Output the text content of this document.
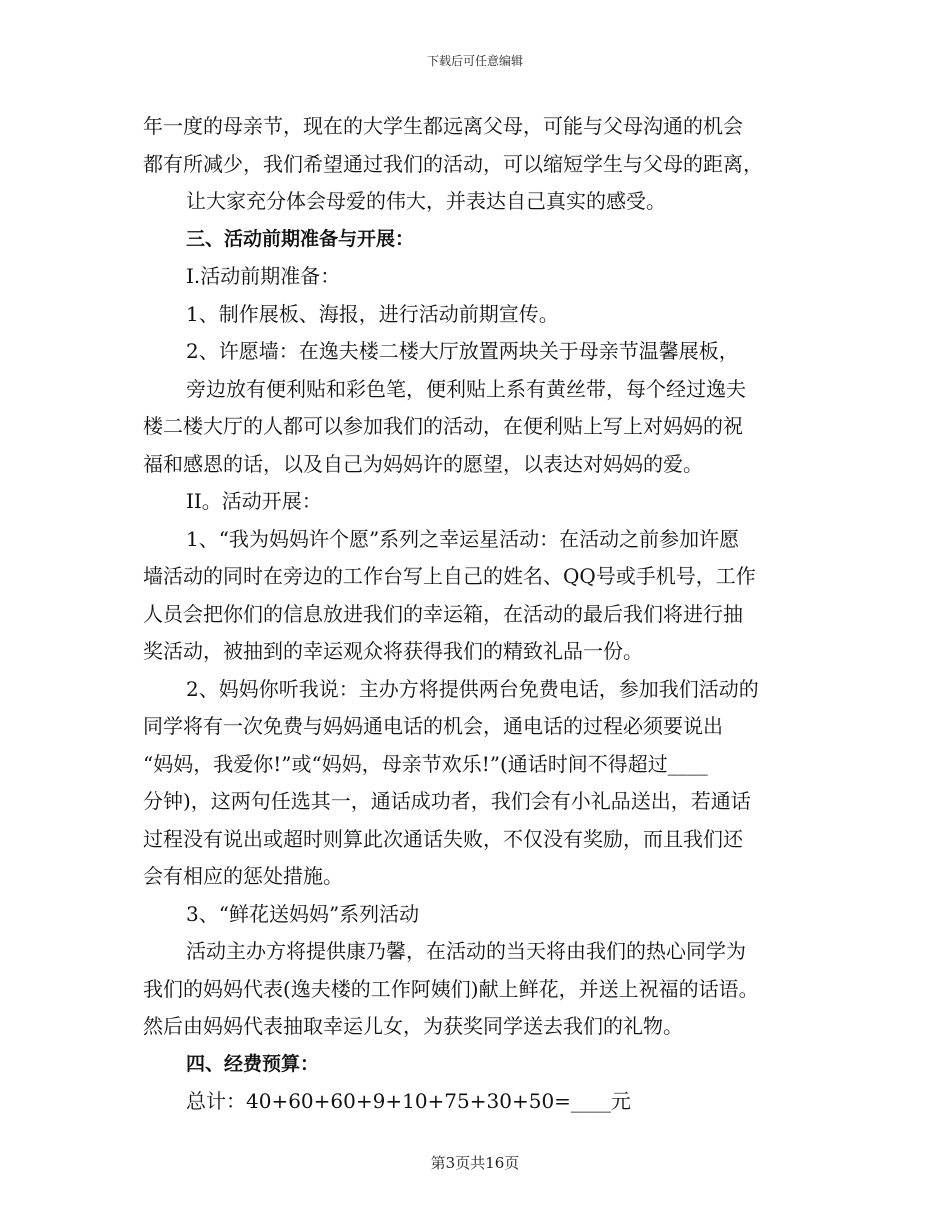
下载后可任意编辑
年一度的母亲节，现在的大学生都远离父母，可能与父母沟通的机会
都有所减少，我们希望通过我们的活动，可以缩短学生与父母的距离，
让大家充分体会母爱的伟大，并表达自己真实的感受。
三、活动前期准备与开展：
I.活动前期准备：
1、制作展板、海报，进行活动前期宣传。
2、许愿墙：在逸夫楼二楼大厅放置两块关于母亲节温馨展板，
旁边放有便利贴和彩色笔，便利贴上系有黄丝带，每个经过逸夫
楼二楼大厅的人都可以参加我们的活动，在便利贴上写上对妈妈的祝
福和感恩的话，以及自己为妈妈许的愿望，以表达对妈妈的爱。
II。活动开展：
1、“我为妈妈许个愿”系列之幸运星活动：在活动之前参加许愿
墙活动的同时在旁边的工作台写上自己的姓名、QQ号或手机号，工作
人员会把你们的信息放进我们的幸运箱，在活动的最后我们将进行抽
奖活动，被抽到的幸运观众将获得我们的精致礼品一份。
2、妈妈你听我说：主办方将提供两台免费电话，参加我们活动的
同学将有一次免费与妈妈通电话的机会，通电话的过程必须要说出
“妈妈，我爱你!”或“妈妈，母亲节欢乐!”(通话时间不得超过____
分钟)，这两句任选其一，通话成功者，我们会有小礼品送出，若通话
过程没有说出或超时则算此次通话失败，不仅没有奖励，而且我们还
会有相应的惩处措施。
3、“鲜花送妈妈”系列活动
活动主办方将提供康乃馨，在活动的当天将由我们的热心同学为
我们的妈妈代表(逸夫楼的工作阿姨们)献上鲜花，并送上祝福的话语。
然后由妈妈代表抽取幸运儿女，为获奖同学送去我们的礼物。
四、经费预算：
总计：40+60+60+9+10+75+30+50=____元
第3页共16页
